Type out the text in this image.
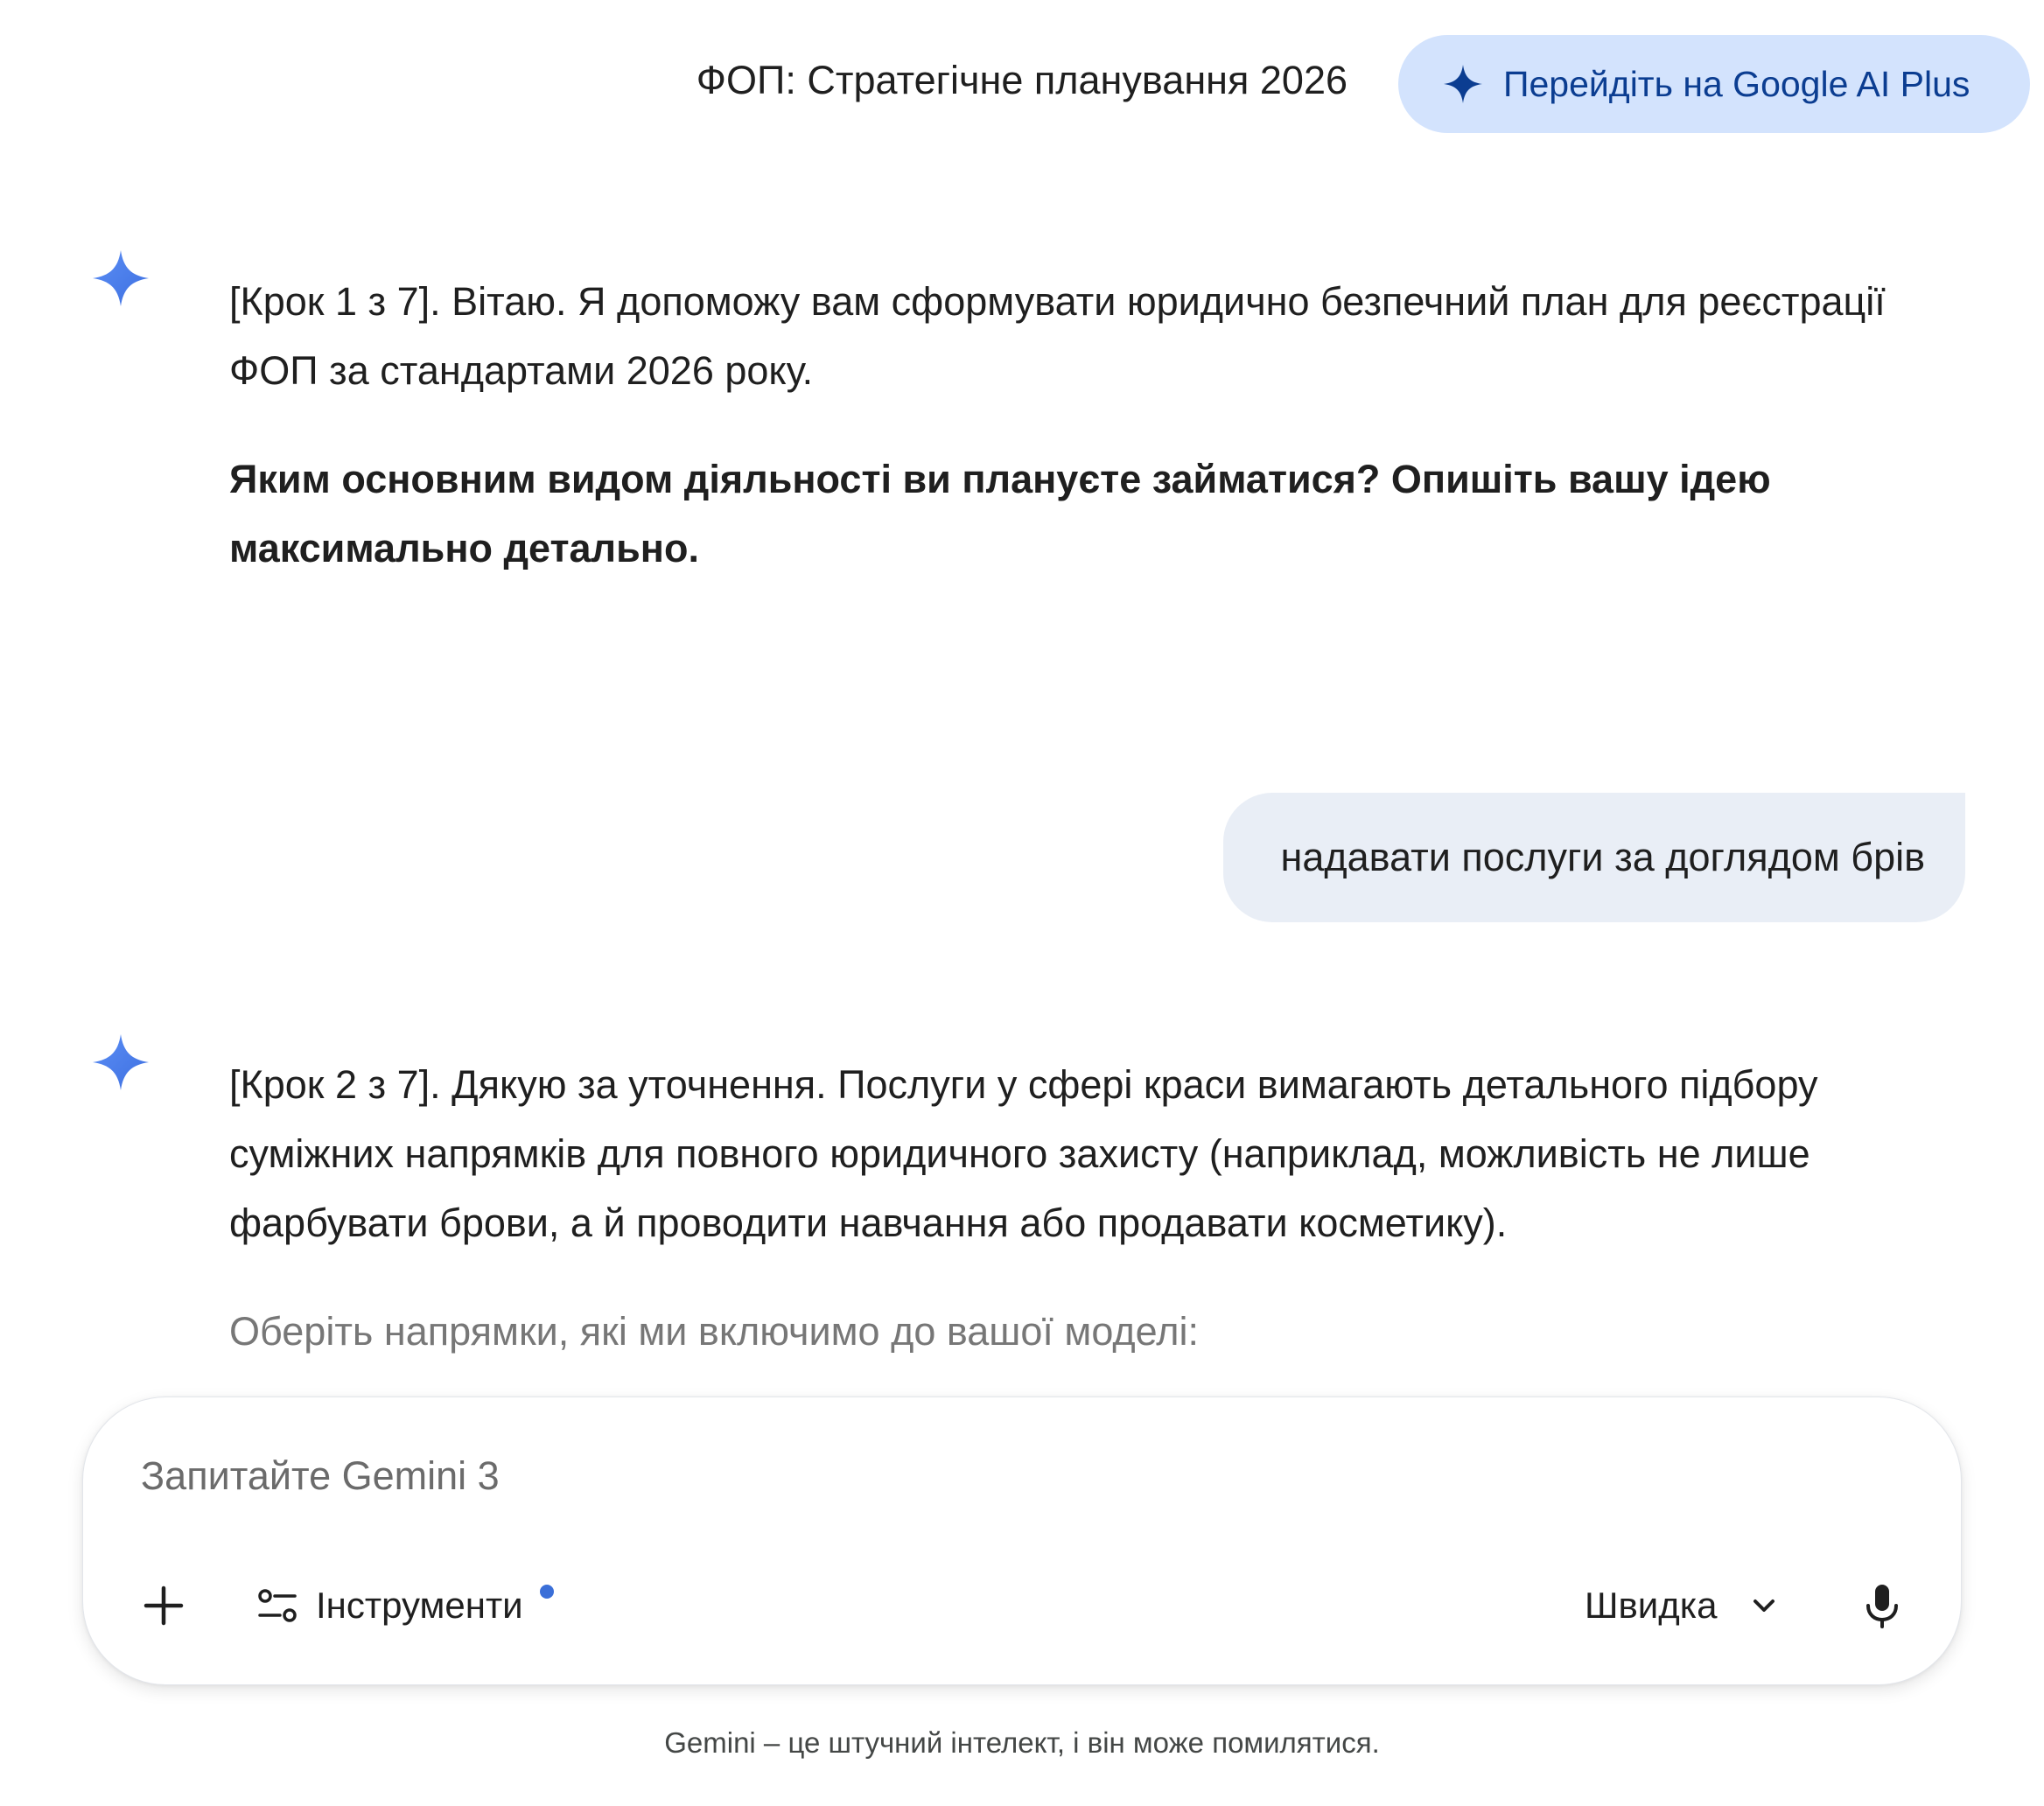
ФОП: Стратегічне планування 2026	Перейдіть на Google AI Plus

[Крок 1 з 7]. Вітаю. Я допоможу вам сформувати юридично безпечний план для реєстрації ФОП за стандартами 2026 року.

Яким основним видом діяльності ви плануєте займатися? Опишіть вашу ідею максимально детально.

надавати послуги за доглядом брів

[Крок 2 з 7]. Дякую за уточнення. Послуги у сфері краси вимагають детального підбору суміжних напрямків для повного юридичного захисту (наприклад, можливість не лише фарбувати брови, а й проводити навчання або продавати косметику).

Оберіть напрямки, які ми включимо до вашої моделі:

Запитайте Gemini 3
Інструменти	Швидка
Gemini – це штучний інтелект, і він може помилятися.
